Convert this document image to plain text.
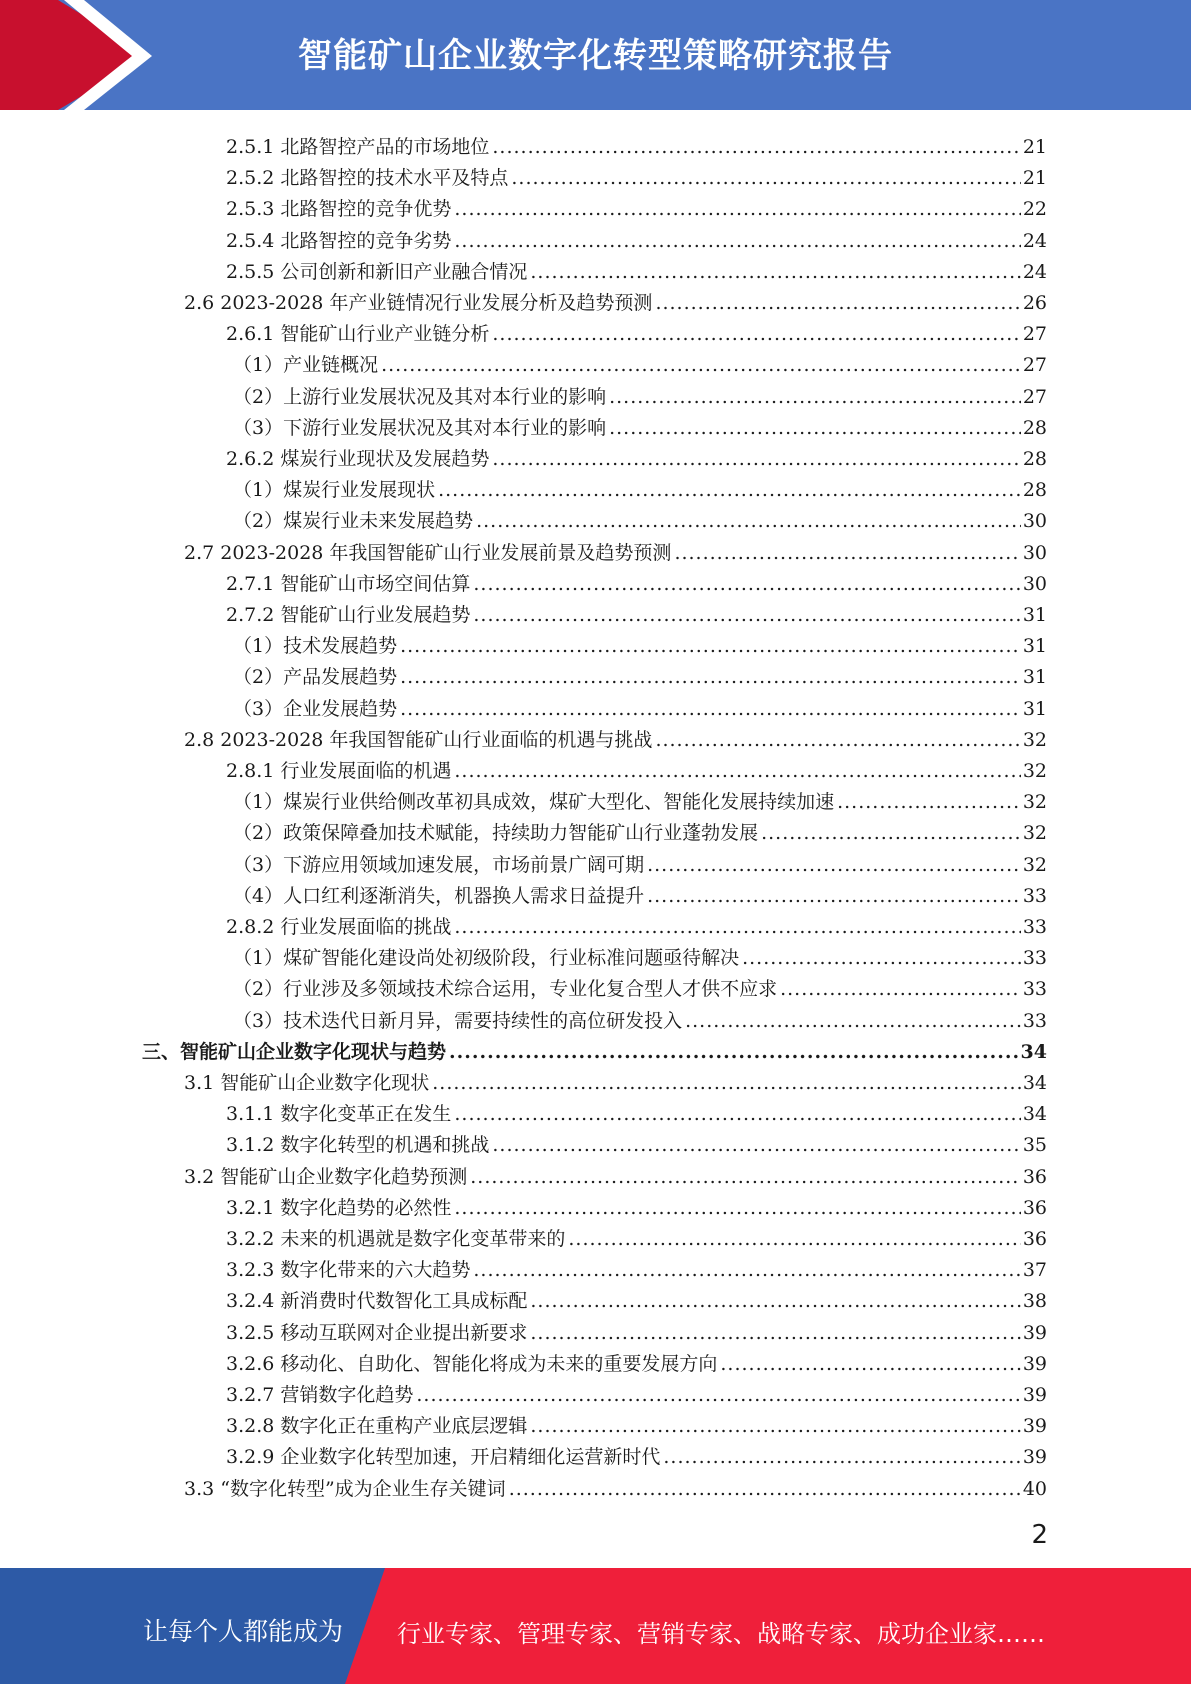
智能矿山企业数字化转型策略研究报告
2.5.1 北路智控产品的市场地位 .....	21
2.5.2 北路智控的技术水平及特点 .....	21
2.5.3 北路智控的竞争优势 .....	22
2.5.4 北路智控的竞争劣势 .....	24
2.5.5 公司创新和新旧产业融合情况 .....	24
2.6 2023-2028 年产业链情况行业发展分析及趋势预测 .....	26
2.6.1 智能矿山行业产业链分析 .....	27
（1）产业链概况 .....	27
（2）上游行业发展状况及其对本行业的影响 .....	27
（3）下游行业发展状况及其对本行业的影响 .....	28
2.6.2 煤炭行业现状及发展趋势 .....	28
（1）煤炭行业发展现状 .....	28
（2）煤炭行业未来发展趋势 .....	30
2.7 2023-2028 年我国智能矿山行业发展前景及趋势预测 .....	30
2.7.1 智能矿山市场空间估算 .....	30
2.7.2 智能矿山行业发展趋势 .....	31
（1）技术发展趋势 .....	31
（2）产品发展趋势 .....	31
（3）企业发展趋势 .....	31
2.8 2023-2028 年我国智能矿山行业面临的机遇与挑战 .....	32
2.8.1 行业发展面临的机遇 .....	32
（1）煤炭行业供给侧改革初具成效，煤矿大型化、智能化发展持续加速 .....	32
（2）政策保障叠加技术赋能，持续助力智能矿山行业蓬勃发展 .....	32
（3）下游应用领域加速发展，市场前景广阔可期 .....	32
（4）人口红利逐渐消失，机器换人需求日益提升 .....	33
2.8.2 行业发展面临的挑战 .....	33
（1）煤矿智能化建设尚处初级阶段，行业标准问题亟待解决 .....	33
（2）行业涉及多领域技术综合运用，专业化复合型人才供不应求 .....	33
（3）技术迭代日新月异，需要持续性的高位研发投入 .....	33
三、智能矿山企业数字化现状与趋势 .....	34
3.1 智能矿山企业数字化现状 .....	34
3.1.1 数字化变革正在发生 .....	34
3.1.2 数字化转型的机遇和挑战 .....	35
3.2 智能矿山企业数字化趋势预测 .....	36
3.2.1 数字化趋势的必然性 .....	36
3.2.2 未来的机遇就是数字化变革带来的 .....	36
3.2.3 数字化带来的六大趋势 .....	37
3.2.4 新消费时代数智化工具成标配 .....	38
3.2.5 移动互联网对企业提出新要求 .....	39
3.2.6 移动化、自助化、智能化将成为未来的重要发展方向 .....	39
3.2.7 营销数字化趋势 .....	39
3.2.8 数字化正在重构产业底层逻辑 .....	39
3.2.9 企业数字化转型加速，开启精细化运营新时代 .....	39
3.3 “数字化转型”成为企业生存关键词 .....	40
2
让每个人都能成为 行业专家、管理专家、营销专家、战略专家、成功企业家……
